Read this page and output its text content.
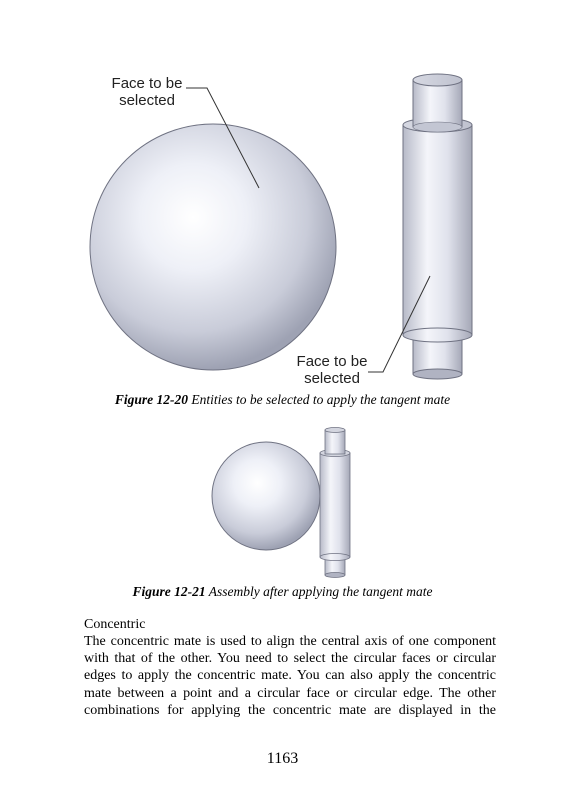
Face to be
selected
Face to be
selected
Figure 12-20 Entities to be selected to apply the tangent mate
Figure 12-21 Assembly after applying the tangent mate
Concentric
The concentric mate is used to align the central axis of one component
with that of the other. You need to select the circular faces or circular
edges to apply the concentric mate. You can also apply the concentric
mate between a point and a circular face or circular edge. The other
combinations for applying the concentric mate are displayed in the
1163
